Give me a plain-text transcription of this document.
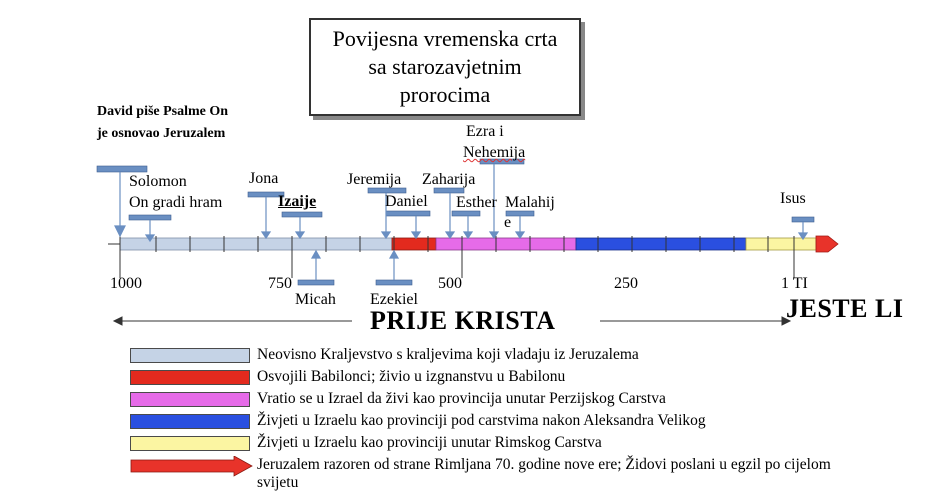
Povijesna vremenska crta
sa starozavjetnim
prorocima
David piše Psalme On
je osnovao Jeruzalem
Solomon
On gradi hram
Jona
Izaije
Jeremija
Daniel
Zaharija
Ezra i
Nehemija
Esther Malahij
e
Isus
Micah Ezekiel
1000	750	500	250	1 TI
PRIJE KRISTA	JESTE LI
Neovisno Kraljevstvo s kraljevima koji vladaju iz Jeruzalema
Osvojili Babilonci; živio u izgnanstvu u Babilonu
Vratio se u Izrael da živi kao provincija unutar Perzijskog Carstva
Živjeti u Izraelu kao provinciji pod carstvima nakon Aleksandra Velikog
Živjeti u Izraelu kao provinciji unutar Rimskog Carstva
Jeruzalem razoren od strane Rimljana 70. godine nove ere; Židovi poslani u egzil po cijelom
svijetu
